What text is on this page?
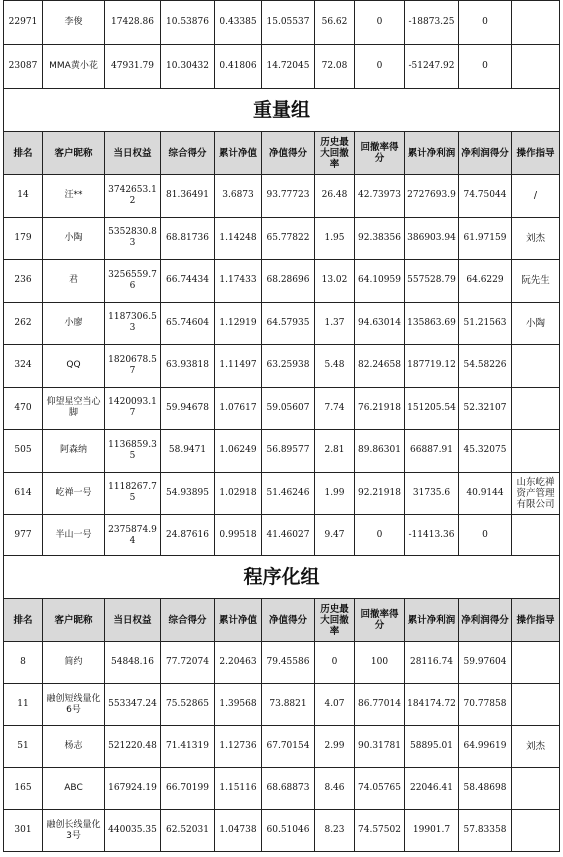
22971	李俊	17428.86	10.53876	0.43385	15.05537	56.62	0	-18873.25	0	
23087	MMA黄小花	47931.79	10.30432	0.41806	14.72045	72.08	0	-51247.92	0	
重量组										
排名	客户昵称	当日权益	综合得分	累计净值	净值得分	历史最大回撤率	回撤率得分	累计净利润	净利润得分	操作指导
14	汪**	3742653.12	81.36491	3.6873	93.77723	26.48	42.73973	2727693.9	74.75044	/
179	小陶	5352830.83	68.81736	1.14248	65.77822	1.95	92.38356	386903.94	61.97159	刘杰
236	君	3256559.76	66.74434	1.17433	68.28696	13.02	64.10959	557528.79	64.6229	阮先生
262	小廖	1187306.53	65.74604	1.12919	64.57935	1.37	94.63014	135863.69	51.21563	小陶
324	QQ	1820678.57	63.93818	1.11497	63.25938	5.48	82.24658	187719.12	54.58226	
470	仰望星空当心脚	1420093.17	59.94678	1.07617	59.05607	7.74	76.21918	151205.54	52.32107	
505	阿森纳	1136859.35	58.9471	1.06249	56.89577	2.81	89.86301	66887.91	45.32075	
614	屹禅一号	1118267.75	54.93895	1.02918	51.46246	1.99	92.21918	31735.6	40.9144	山东屹禅资产管理有限公司
977	半山一号	2375874.94	24.87616	0.99518	41.46027	9.47	0	-11413.36	0	
程序化组										
排名	客户昵称	当日权益	综合得分	累计净值	净值得分	历史最大回撤率	回撤率得分	累计净利润	净利润得分	操作指导
8	简约	54848.16	77.72074	2.20463	79.45586	0	100	28116.74	59.97604	
11	融创短线量化6号	553347.24	75.52865	1.39568	73.8821	4.07	86.77014	184174.72	70.77858	
51	杨志	521220.48	71.41319	1.12736	67.70154	2.99	90.31781	58895.01	64.99619	刘杰
165	ABC	167924.19	66.70199	1.15116	68.68873	8.46	74.05765	22046.41	58.48698	
301	融创长线量化3号	440035.35	62.52031	1.04738	60.51046	8.23	74.57502	19901.7	57.83358	
